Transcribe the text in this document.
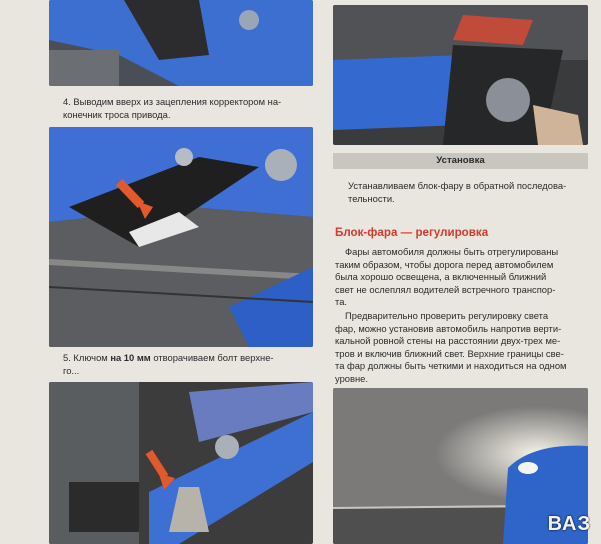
4. Выводим вверх из зацепления корректором на-
конечник троса привода.
5. Ключом на 10 мм отворачиваем болт верхне-
го...
Установка
Устанавливаем блок-фару в обратной последова-
тельности.
Блок-фара — регулировка
Фары автомобиля должны быть отрегулированы
таким образом, чтобы дорога перед автомобилем
была хорошо освещена, а включенный ближний
свет не ослеплял водителей встречного транспор-
та.
Предварительно проверить регулировку света
фар, можно установив автомобиль напротив верти-
кальной ровной стены на расстоянии двух-трех ме-
тров и включив ближний свет. Верхние границы све-
та фар должны быть четкими и находиться на одном
уровне.
ВАЗ
